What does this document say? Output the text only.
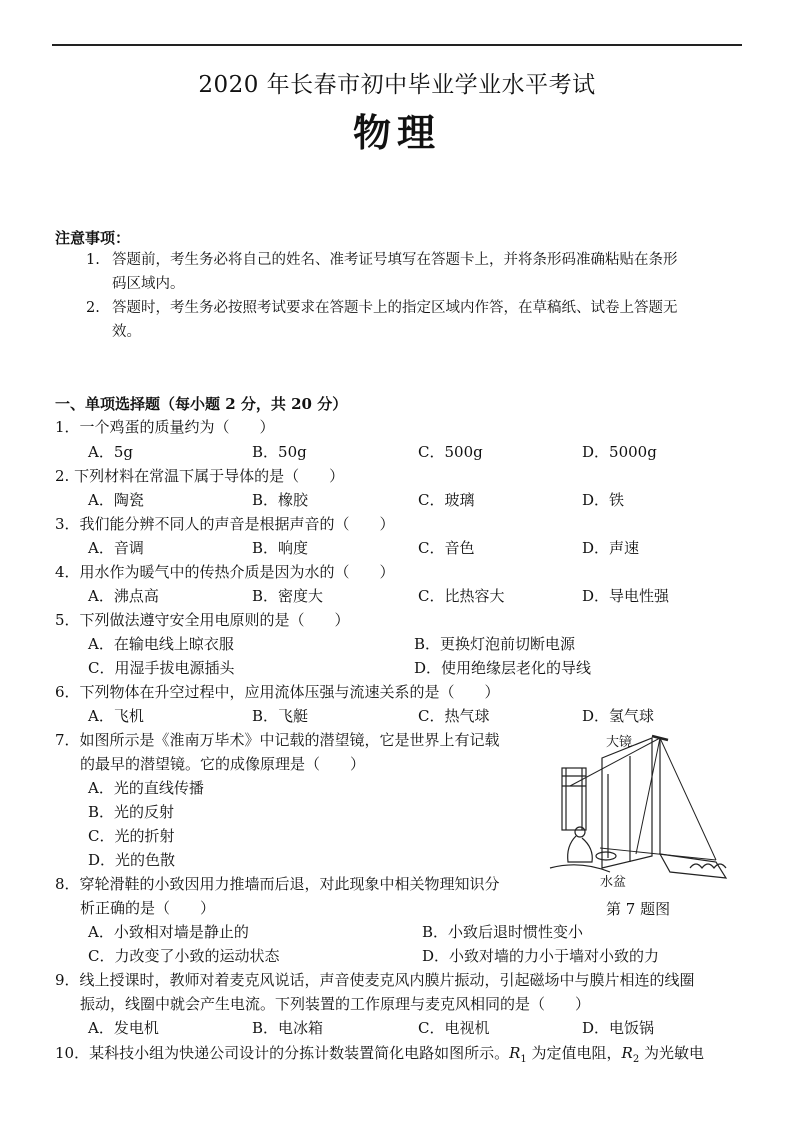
2020 年长春市初中毕业学业水平考试
物理
注意事项：
1. 答题前，考生务必将自己的姓名、准考证号填写在答题卡上，并将条形码准确粘贴在条形
码区域内。
2. 答题时，考生务必按照考试要求在答题卡上的指定区域内作答，在草稿纸、试卷上答题无
效。
一、单项选择题（每小题 2 分，共 20 分）
1．一个鸡蛋的质量约为（　　）
A．5g	B．50g	C．500g	D．5000g
2. 下列材料在常温下属于导体的是（　　）
A．陶瓷	B．橡胶	C．玻璃	D．铁
3．我们能分辨不同人的声音是根据声音的（　　）
A．音调	B．响度	C．音色	D．声速
4．用水作为暖气中的传热介质是因为水的（　　）
A．沸点高	B．密度大	C．比热容大	D．导电性强
5．下列做法遵守安全用电原则的是（　　）
A．在输电线上晾衣服	B．更换灯泡前切断电源
C．用湿手拔电源插头	D．使用绝缘层老化的导线
6．下列物体在升空过程中，应用流体压强与流速关系的是（　　）
A．飞机	B．飞艇	C．热气球	D．氢气球
7．如图所示是《淮南万毕术》中记载的潜望镜，它是世界上有记载
的最早的潜望镜。它的成像原理是（　　）
A．光的直线传播
B．光的反射
C．光的折射
D．光的色散
大镜
水盆
第 7 题图
8．穿轮滑鞋的小致因用力推墙而后退，对此现象中相关物理知识分
析正确的是（　　）
A．小致相对墙是静止的	B．小致后退时惯性变小
C．力改变了小致的运动状态	D．小致对墙的力小于墙对小致的力
9．线上授课时，教师对着麦克风说话，声音使麦克风内膜片振动，引起磁场中与膜片相连的线圈
振动，线圈中就会产生电流。下列装置的工作原理与麦克风相同的是（　　）
A．发电机	B．电冰箱	C．电视机	D．电饭锅
10．某科技小组为快递公司设计的分拣计数装置简化电路如图所示。$R_1$ 为定值电阻，$R_2$ 为光敏电
